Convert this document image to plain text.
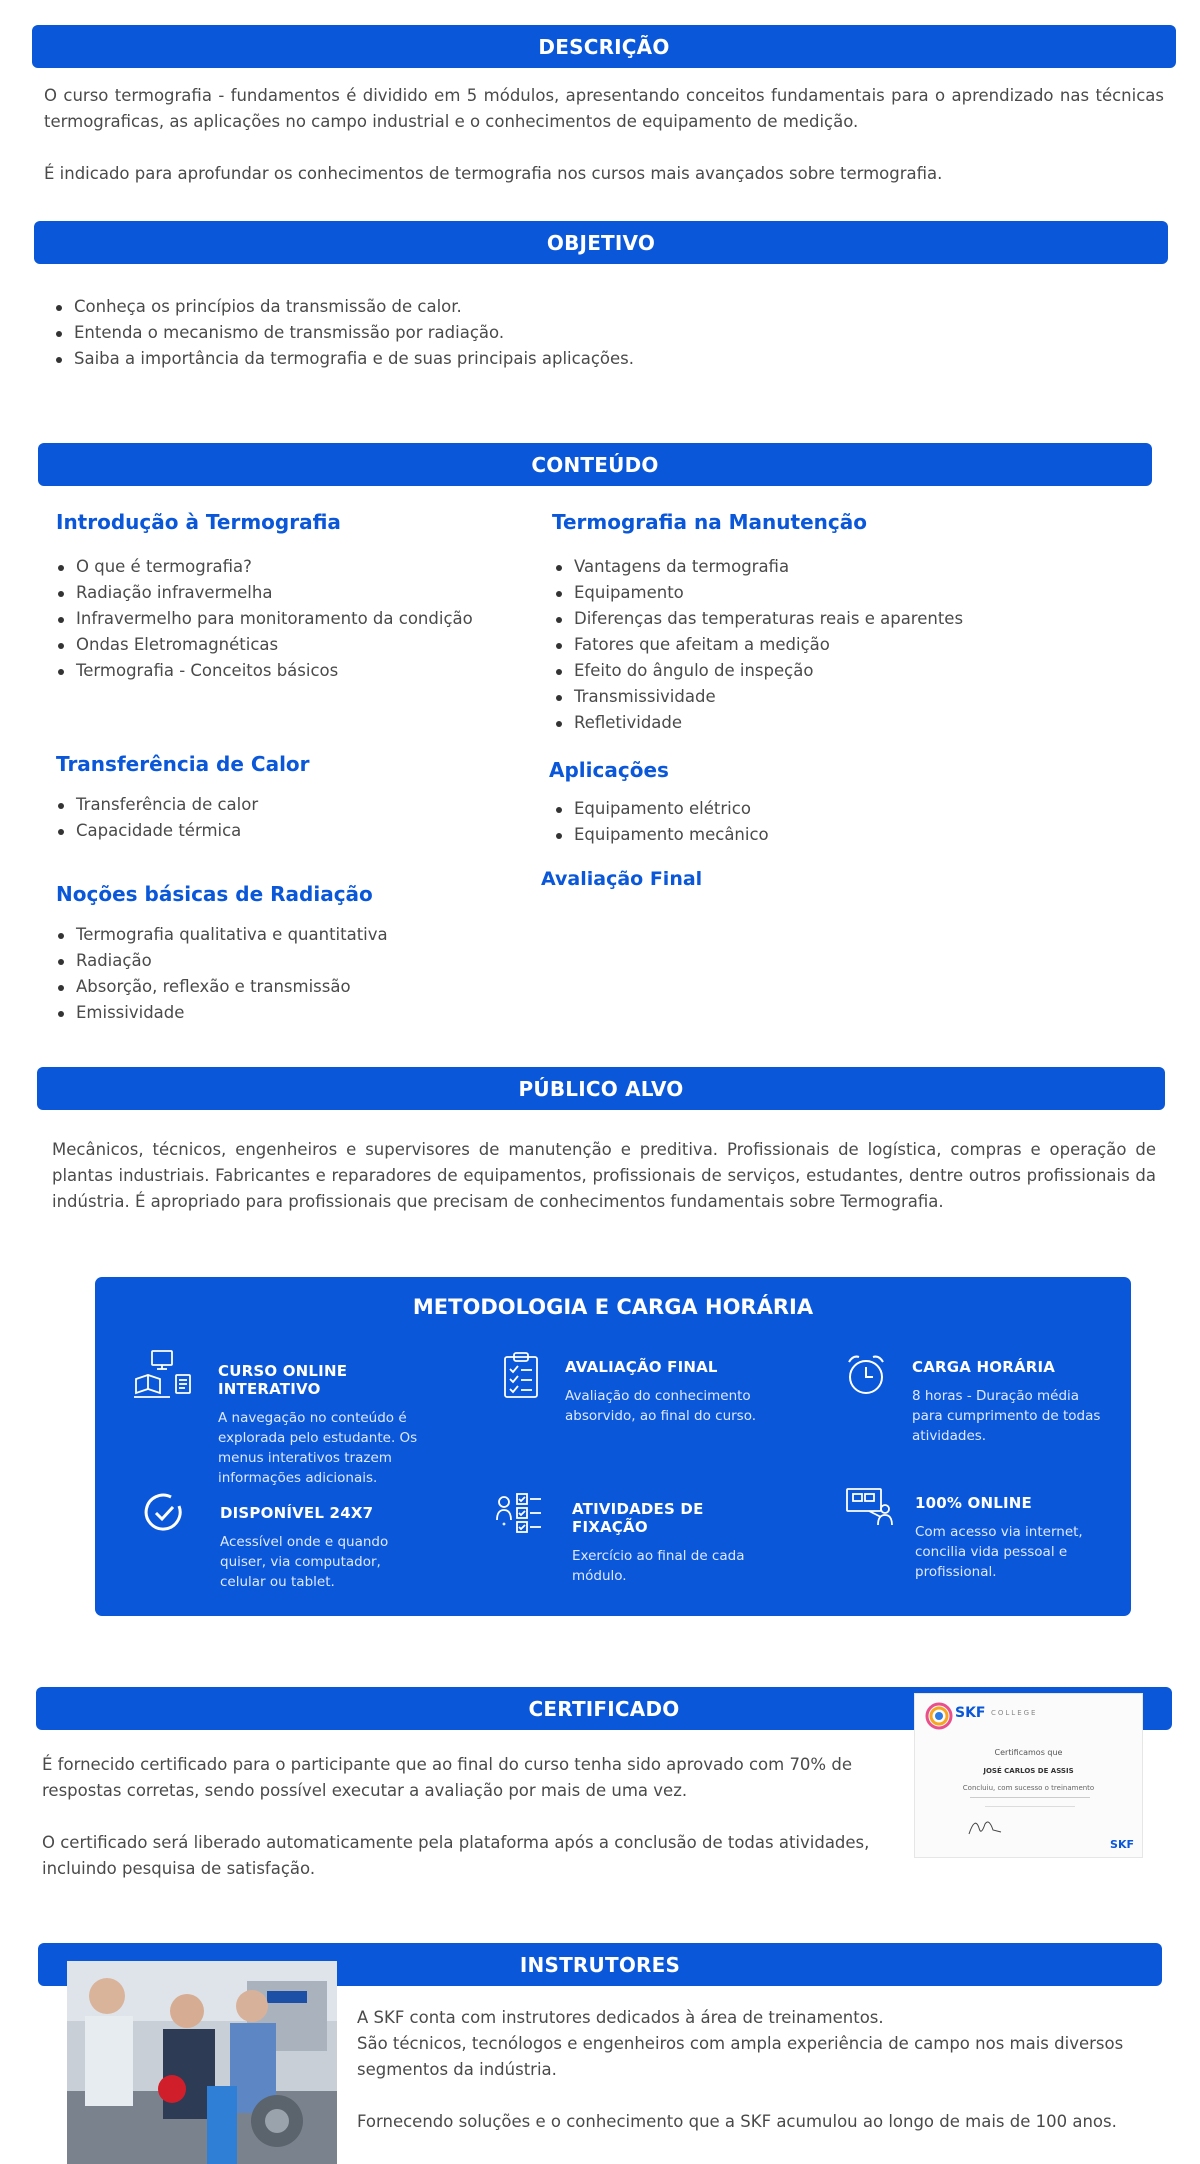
DESCRIÇÃO

O curso termografia - fundamentos é dividido em 5 módulos, apresentando conceitos fundamentais para o aprendizado nas técnicas termograficas, as aplicações no campo industrial e o conhecimentos de equipamento de medição.

É indicado para aprofundar os conhecimentos de termografia nos cursos mais avançados sobre termografia.

OBJETIVO
Conheça os princípios da transmissão de calor.
Entenda o mecanismo de transmissão por radiação.
Saiba a importância da termografia e de suas principais aplicações.
CONTEÚDO
Introdução à Termografia
O que é termografia?
Radiação infravermelha
Infravermelho para monitoramento da condição
Ondas Eletromagnéticas
Termografia - Conceitos básicos
Transferência de Calor
Transferência de calor
Capacidade térmica
Noções básicas de Radiação
Termografia qualitativa e quantitativa
Radiação
Absorção, reflexão e transmissão
Emissividade
Termografia na Manutenção
Vantagens da termografia
Equipamento
Diferenças das temperaturas reais e aparentes
Fatores que afeitam a medição
Efeito do ângulo de inspeção
Transmissividade
Refletividade
Aplicações
Equipamento elétrico
Equipamento mecânico
Avaliação Final
PÚBLICO ALVO

Mecânicos, técnicos, engenheiros e supervisores de manutenção e preditiva. Profissionais de logística, compras e operação de plantas industriais. Fabricantes e reparadores de equipamentos, profissionais de serviços, estudantes, dentre outros profissionais da indústria. É apropriado para profissionais que precisam de conhecimentos fundamentais sobre Termografia.

METODOLOGIA E CARGA HORÁRIA
CURSO ONLINE INTERATIVO
A navegação no conteúdo é explorada pelo estudante. Os menus interativos trazem informações adicionais.
AVALIAÇÃO FINAL
Avaliação do conhecimento absorvido, ao final do curso.
CARGA HORÁRIA
8 horas - Duração média para cumprimento de todas atividades.
DISPONÍVEL 24X7
Acessível onde e quando quiser, via computador, celular ou tablet.
ATIVIDADES DE FIXAÇÃO
Exercício ao final de cada módulo.
100% ONLINE
Com acesso via internet, concilia vida pessoal e profissional.
CERTIFICADO

É fornecido certificado para o participante que ao final do curso tenha sido aprovado com 70% de respostas corretas, sendo possível executar a avaliação por mais de uma vez.

O certificado será liberado automaticamente pela plataforma após a conclusão de todas atividades, incluindo pesquisa de satisfação.

SKF COLLEGE
Certificamos que
JOSÉ CARLOS DE ASSIS
Concluiu, com sucesso o treinamento
SKF
INSTRUTORES

A SKF conta com instrutores dedicados à área de treinamentos.

São técnicos, tecnólogos e engenheiros com ampla experiência de campo nos mais diversos segmentos da indústria.

Fornecendo soluções e o conhecimento que a SKF acumulou ao longo de mais de 100 anos.
